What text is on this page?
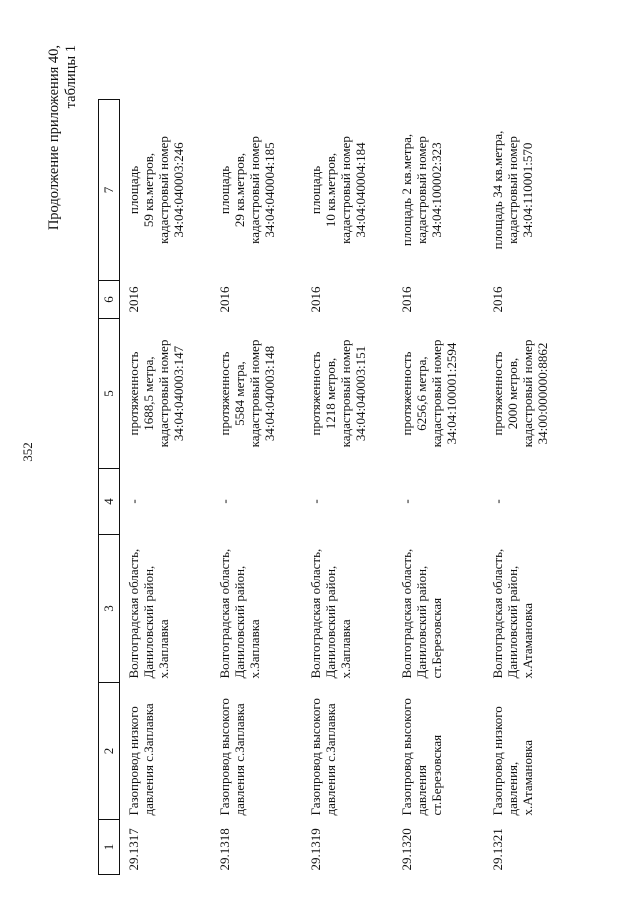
352
Продолжение приложения 40, таблицы 1
1	2	3	4	5	6	7
29.1317	Газопровод низкого
давления с.Заплавка	Волгоградская область,
Даниловский район,
х.Заплавка	-	протяженность
1688,5 метра,
кадастровый номер
34:04:040003:147	2016	площадь
59 кв.метров,
кадастровый номер
34:04:040003:246
29.1318	Газопровод высокого
давления с.Заплавка	Волгоградская область,
Даниловский район,
х.Заплавка	-	протяженность
5584 метра,
кадастровый номер
34:04:040003:148	2016	площадь
29 кв.метров,
кадастровый номер
34:04:040004:185
29.1319	Газопровод высокого
давления с.Заплавка	Волгоградская область,
Даниловский район,
х.Заплавка	-	протяженность
1218 метров,
кадастровый номер
34:04:040003:151	2016	площадь
10 кв.метров,
кадастровый номер
34:04:040004:184
29.1320	Газопровод высокого
давления
ст.Березовская	Волгоградская область,
Даниловский район,
ст.Березовская	-	протяженность
6256,6 метра,
кадастровый номер
34:04:100001:2594	2016	площадь 2 кв.метра,
кадастровый номер
34:04:100002:323
29.1321	Газопровод низкого
давления,
х.Атамановка	Волгоградская область,
Даниловский район,
х.Атамановка	-	протяженность
2000 метров,
кадастровый номер
34:00:000000:8862	2016	площадь 34 кв.метра,
кадастровый номер
34:04:110001:570
